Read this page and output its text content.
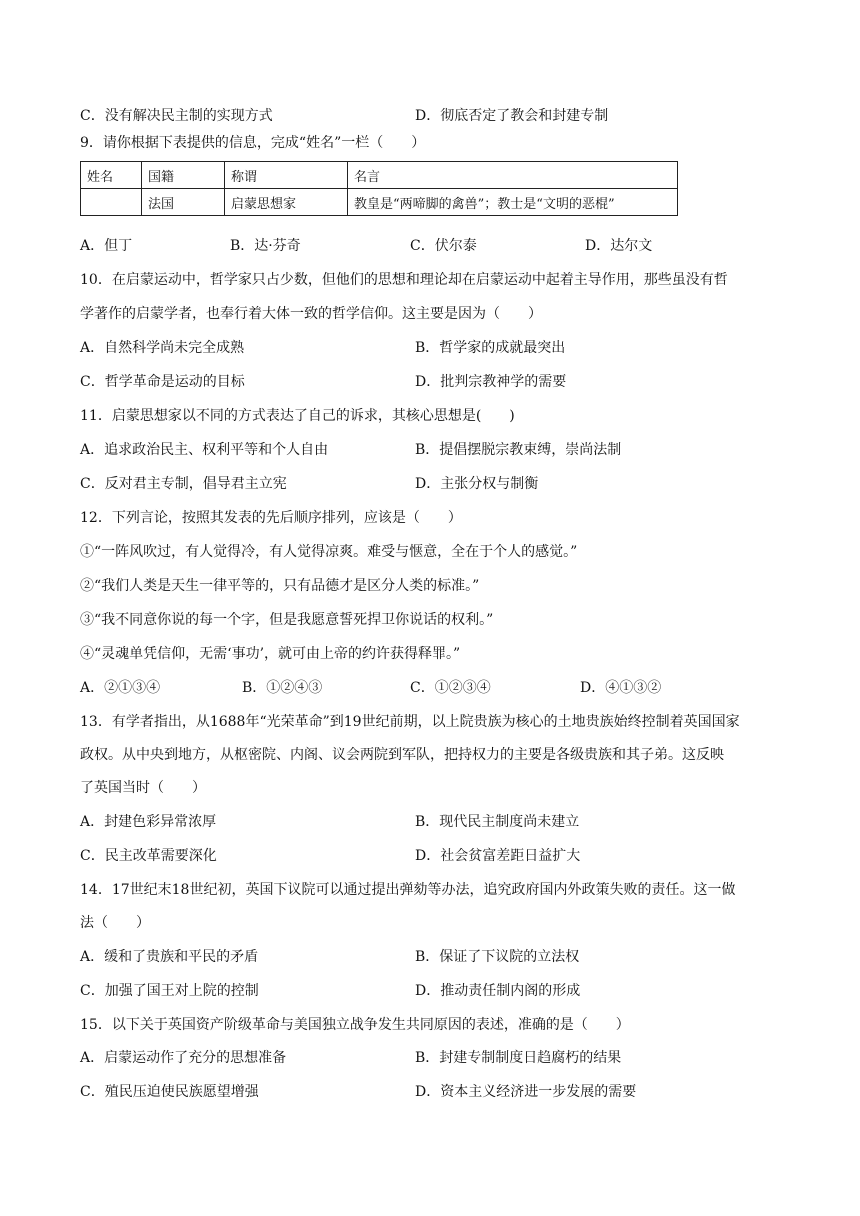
C．没有解决民主制的实现方式	D．彻底否定了教会和封建专制
9．请你根据下表提供的信息，完成“姓名”一栏（　　）
姓名	国籍	称谓	名言
	法国	启蒙思想家	教皇是“两啼脚的禽兽”；教士是“文明的恶棍”
A．但丁	B．达·芬奇	C．伏尔泰	D．达尔文
10．在启蒙运动中，哲学家只占少数，但他们的思想和理论却在启蒙运动中起着主导作用，那些虽没有哲
学著作的启蒙学者，也奉行着大体一致的哲学信仰。这主要是因为（　　）
A．自然科学尚未完全成熟	B．哲学家的成就最突出
C．哲学革命是运动的目标	D．批判宗教神学的需要
11．启蒙思想家以不同的方式表达了自己的诉求，其核心思想是(　　)
A．追求政治民主、权利平等和个人自由	B．提倡摆脱宗教束缚，崇尚法制
C．反对君主专制，倡导君主立宪	D．主张分权与制衡
12．下列言论，按照其发表的先后顺序排列，应该是（　　）
①“一阵风吹过，有人觉得冷，有人觉得凉爽。难受与惬意，全在于个人的感觉。”
②“我们人类是天生一律平等的，只有品德才是区分人类的标准。”
③“我不同意你说的每一个字，但是我愿意誓死捍卫你说话的权利。”
④“灵魂单凭信仰，无需‘事功’，就可由上帝的约许获得释罪。”
A．②①③④	B．①②④③	C．①②③④	D．④①③②
13．有学者指出，从1688年“光荣革命”到19世纪前期，以上院贵族为核心的土地贵族始终控制着英国国家
政权。从中央到地方，从枢密院、内阁、议会两院到军队，把持权力的主要是各级贵族和其子弟。这反映
了英国当时（　　）
A．封建色彩异常浓厚	B．现代民主制度尚未建立
C．民主改革需要深化	D．社会贫富差距日益扩大
14．17世纪末18世纪初，英国下议院可以通过提出弹劾等办法，追究政府国内外政策失败的责任。这一做
法（　　）
A．缓和了贵族和平民的矛盾	B．保证了下议院的立法权
C．加强了国王对上院的控制	D．推动责任制内阁的形成
15．以下关于英国资产阶级革命与美国独立战争发生共同原因的表述，准确的是（　　）
A．启蒙运动作了充分的思想准备	B．封建专制制度日趋腐朽的结果
C．殖民压迫使民族愿望增强	D．资本主义经济进一步发展的需要
